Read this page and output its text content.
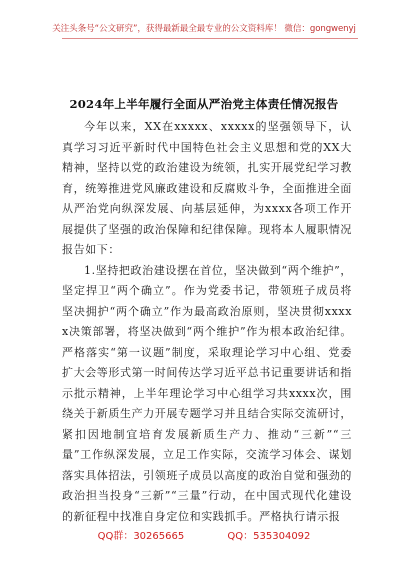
关注头条号“公文研究”，获得最新最全最专业的公文资料库！ 微信：gongwenyj
2024年上半年履行全面从严治党主体责任情况报告

今年以来，XX在xxxxx、xxxxx的坚强领导下，认真学习习近平新时代中国特色社会主义思想和党的XX大精神，坚持以党的政治建设为统领，扎实开展党纪学习教育，统筹推进党风廉政建设和反腐败斗争，全面推进全面从严治党向纵深发展、向基层延伸，为xxxx各项工作开展提供了坚强的政治保障和纪律保障。现将本人履职情况报告如下：

1.坚持把政治建设摆在首位，坚决做到“两个维护”，坚定捍卫“两个确立”。作为党委书记，带领班子成员将坚决拥护“两个确立”作为最高政治原则，坚决贯彻xxxxx决策部署，将坚决做到“两个维护”作为根本政治纪律。严格落实“第一议题”制度，采取理论学习中心组、党委扩大会等形式第一时间传达学习近平总书记重要讲话和指示批示精神，上半年理论学习中心组学习共xxxx次，围绕关于新质生产力开展专题学习并且结合实际交流研讨，紧扣因地制宜培育发展新质生产力、推动“三新”“三量”工作纵深发展，立足工作实际，交流学习体会、谋划落实具体招法，引领班子成员以高度的政治自觉和强劲的政治担当投身“三新”“三量”行动，在中国式现代化建设的新征程中找准自身定位和实践抓手。严格执行请示报

QQ群：30265665	QQ：535304092
